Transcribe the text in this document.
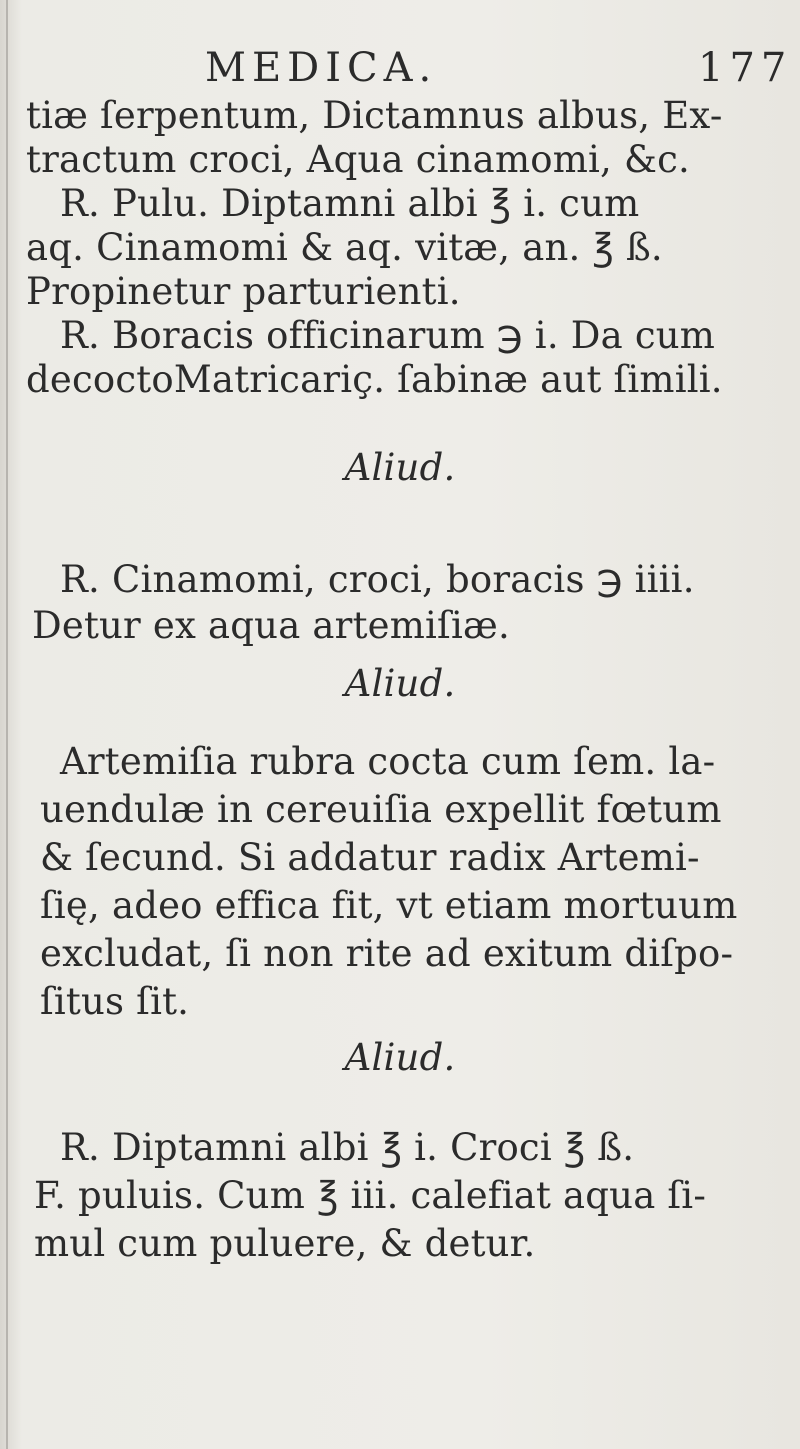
MEDICA.	177
tiæ ſerpentum, Dictamnus albus, Ex-
tractum croci, Aqua cinamomi, &c.
R. Pulu. Diptamni albi ℥ i. cum
aq. Cinamomi & aq. vitæ, an. ℥ ß.
Propinetur parturienti.
R. Boracis officinarum ℈ i. Da cum
decoctoMatricariç. ſabinæ aut ſimili.
Aliud.
R. Cinamomi, croci, boracis ℈ iiii.
Detur ex aqua artemiſiæ.
Aliud.
Artemiſia rubra cocta cum ſem. la-
uendulæ in cereuiſia expellit fœtum
& ſecund. Si addatur radix Artemi-
ſię, adeo effica fit, vt etiam mortuum
excludat, ſi non rite ad exitum diſpo-
ſitus ſit.
Aliud.
R. Diptamni albi ℥ i. Croci ℥ ß.
F. puluis. Cum ℥ iii. calefiat aqua ſi-
mul cum puluere, & detur.
